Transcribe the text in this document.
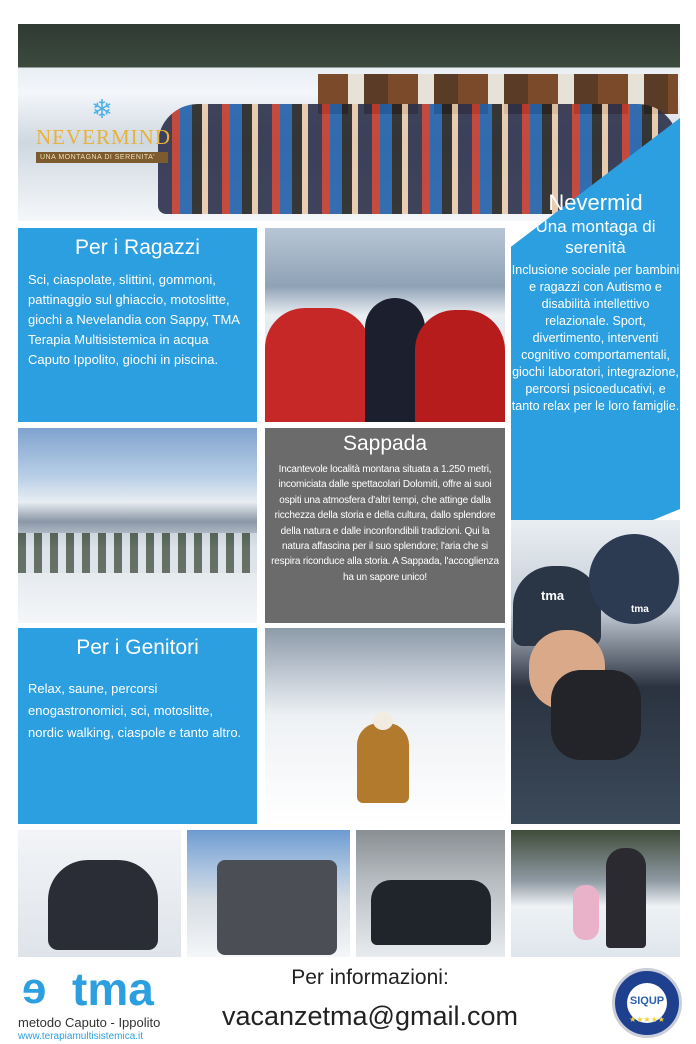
❄
NEVERMIND
UNA MONTAGNA DI SERENITA'
Per i Ragazzi

Sci, ciaspolate, slittini, gommoni, pattinaggio sul ghiaccio, motoslitte, giochi a Nevelandia con Sappy, TMA Terapia Multisistemica in acqua Caputo Ippolito, giochi in piscina.

Nevermid
Una montaga di serenità

Inclusione sociale per bambini e ragazzi con Autismo e disabilità intellettivo relazionale. Sport, divertimento, interventi cognitivo comportamentali, giochi laboratori, integrazione, percorsi psicoeducativi, e tanto relax per le loro famiglie.

Sappada

Incantevole località montana situata a 1.250 metri, incomiciata dalle spettacolari Dolomiti, offre ai suoi ospiti una atmosfera d'altri tempi, che attinge dalla ricchezza della storia e della cultura, dallo splendore della natura e dalle inconfondibili tradizioni. Qui la natura affascina per il suo splendore; l'aria che si respira riconduce alla storia. A Sappada, l'accoglienza ha un sapore unico!

tma
tma
Per i Genitori

Relax, saune, percorsi enogastronomici, sci, motoslitte, nordic walking, ciaspole e tanto altro.

ɘ tma
metodo Caputo - Ippolito
www.terapiamultisistemica.it
Per informazioni:
vacanzetma@gmail.com	SIQUP
★★★★★
